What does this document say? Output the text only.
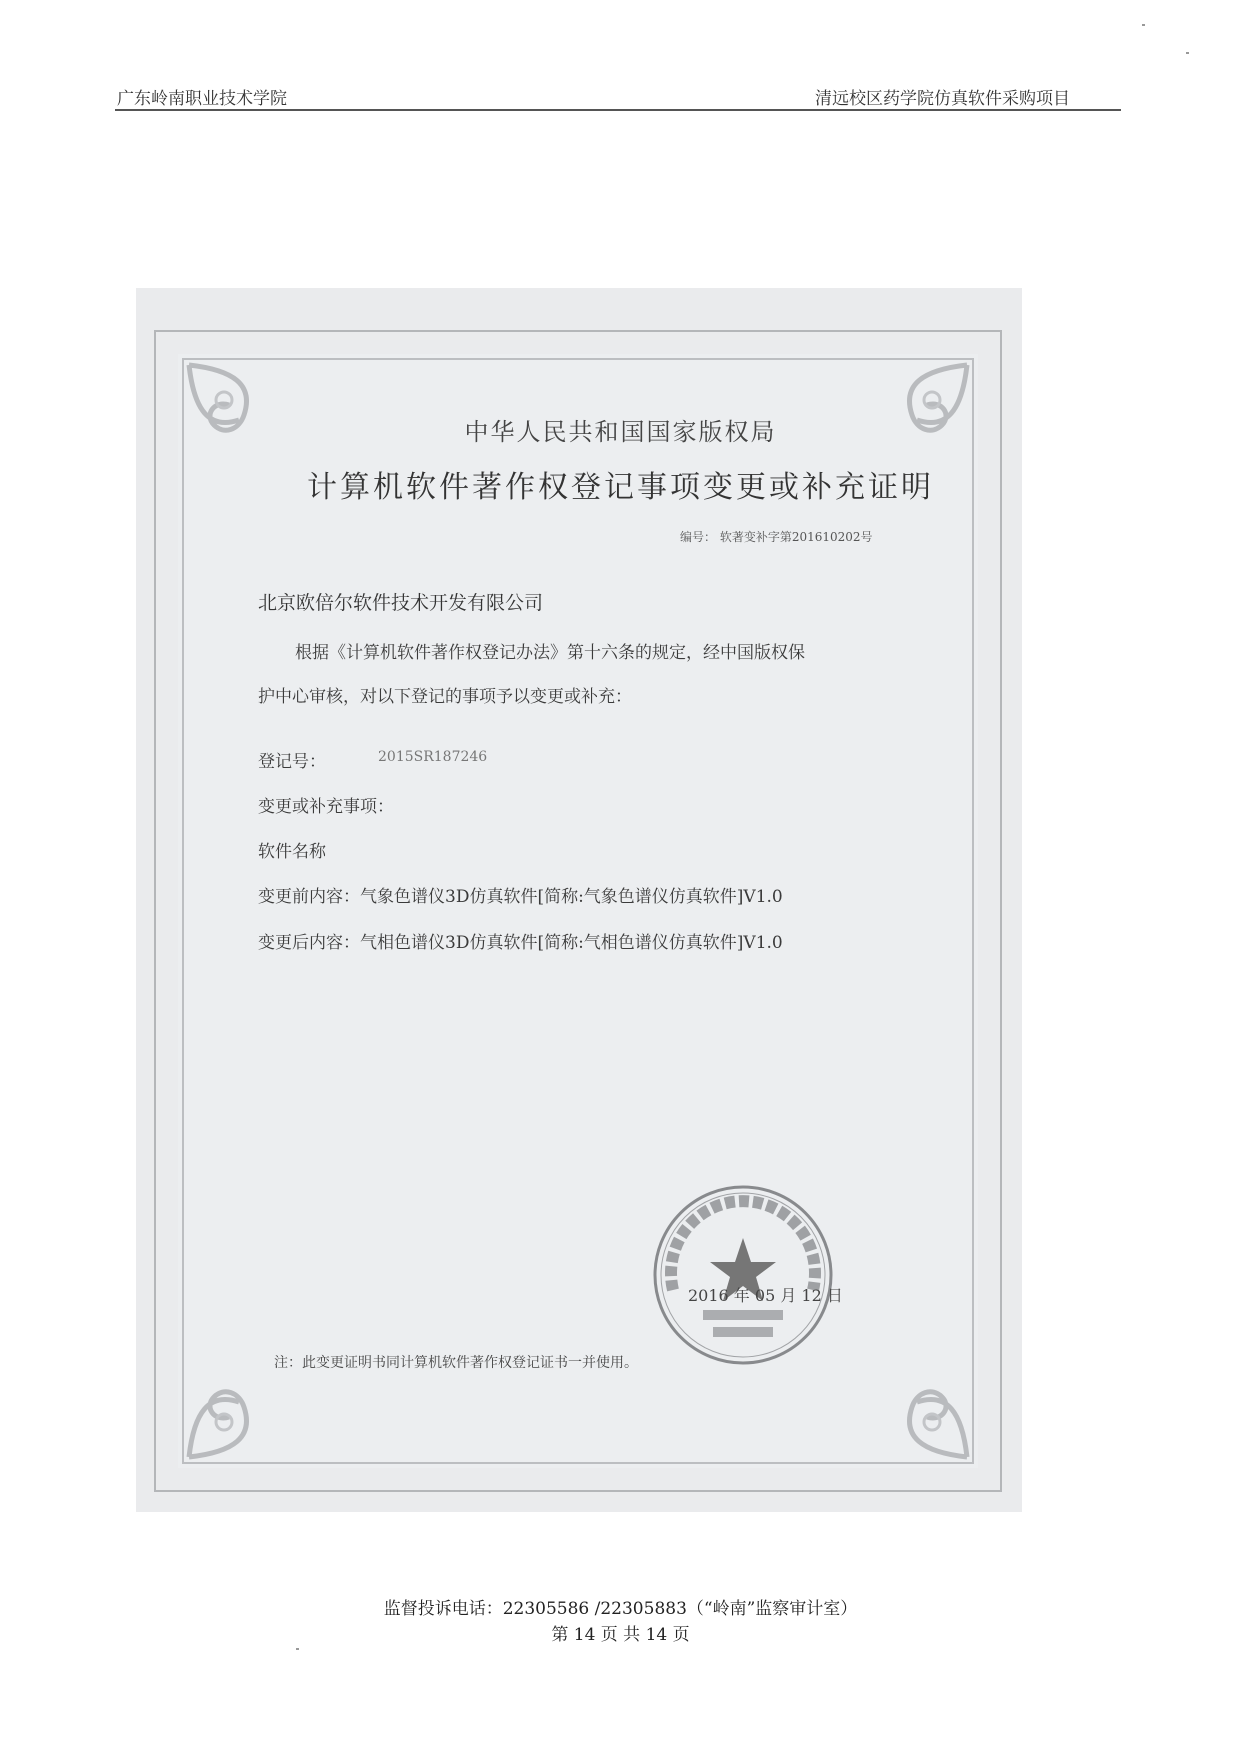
广东岭南职业技术学院	清远校区药学院仿真软件采购项目
中华人民共和国国家版权局
计算机软件著作权登记事项变更或补充证明
编号： 软著变补字第201610202号
北京欧倍尔软件技术开发有限公司
根据《计算机软件著作权登记办法》第十六条的规定，经中国版权保
护中心审核，对以下登记的事项予以变更或补充：
登记号：	2015SR187246
变更或补充事项：
软件名称
变更前内容：气象色谱仪3D仿真软件[简称:气象色谱仪仿真软件]V1.0
变更后内容：气相色谱仪3D仿真软件[简称:气相色谱仪仿真软件]V1.0
2016 年 05 月 12 日
注：此变更证明书同计算机软件著作权登记证书一并使用。
监督投诉电话：22305586 /22305883（“岭南”监察审计室）
第 14 页 共 14 页
